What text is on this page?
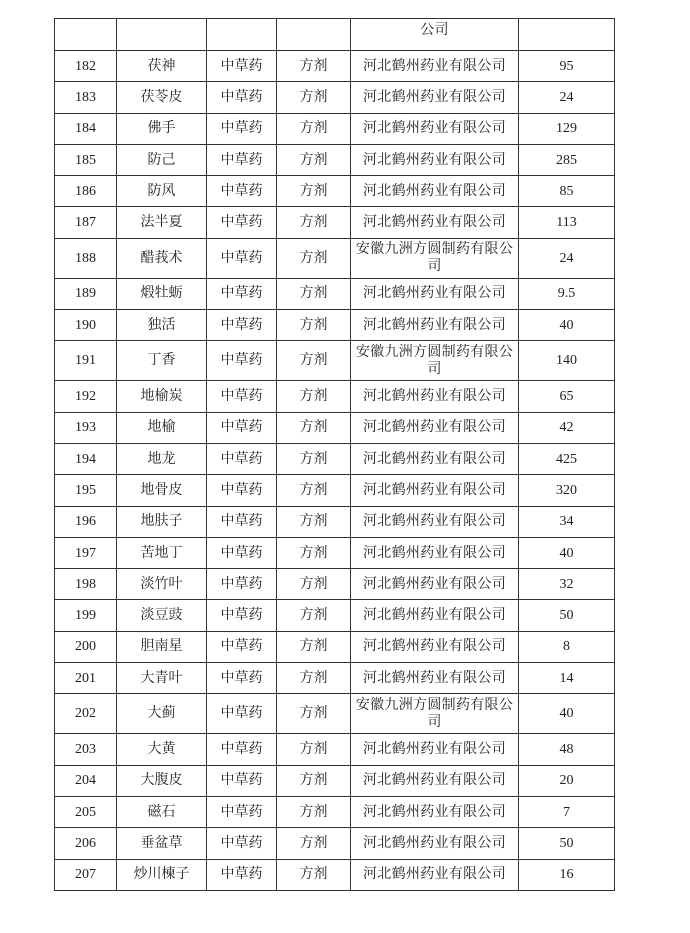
				公司	
182	茯神	中草药	方剂	河北鹤州药业有限公司	95
183	茯苓皮	中草药	方剂	河北鹤州药业有限公司	24
184	佛手	中草药	方剂	河北鹤州药业有限公司	129
185	防己	中草药	方剂	河北鹤州药业有限公司	285
186	防风	中草药	方剂	河北鹤州药业有限公司	85
187	法半夏	中草药	方剂	河北鹤州药业有限公司	113
188	醋莪术	中草药	方剂	安徽九洲方圆制药有限公司	24
189	煅牡蛎	中草药	方剂	河北鹤州药业有限公司	9.5
190	独活	中草药	方剂	河北鹤州药业有限公司	40
191	丁香	中草药	方剂	安徽九洲方圆制药有限公司	140
192	地榆炭	中草药	方剂	河北鹤州药业有限公司	65
193	地榆	中草药	方剂	河北鹤州药业有限公司	42
194	地龙	中草药	方剂	河北鹤州药业有限公司	425
195	地骨皮	中草药	方剂	河北鹤州药业有限公司	320
196	地肤子	中草药	方剂	河北鹤州药业有限公司	34
197	苦地丁	中草药	方剂	河北鹤州药业有限公司	40
198	淡竹叶	中草药	方剂	河北鹤州药业有限公司	32
199	淡豆豉	中草药	方剂	河北鹤州药业有限公司	50
200	胆南星	中草药	方剂	河北鹤州药业有限公司	8
201	大青叶	中草药	方剂	河北鹤州药业有限公司	14
202	大蓟	中草药	方剂	安徽九洲方圆制药有限公司	40
203	大黄	中草药	方剂	河北鹤州药业有限公司	48
204	大腹皮	中草药	方剂	河北鹤州药业有限公司	20
205	磁石	中草药	方剂	河北鹤州药业有限公司	7
206	垂盆草	中草药	方剂	河北鹤州药业有限公司	50
207	炒川楝子	中草药	方剂	河北鹤州药业有限公司	16
